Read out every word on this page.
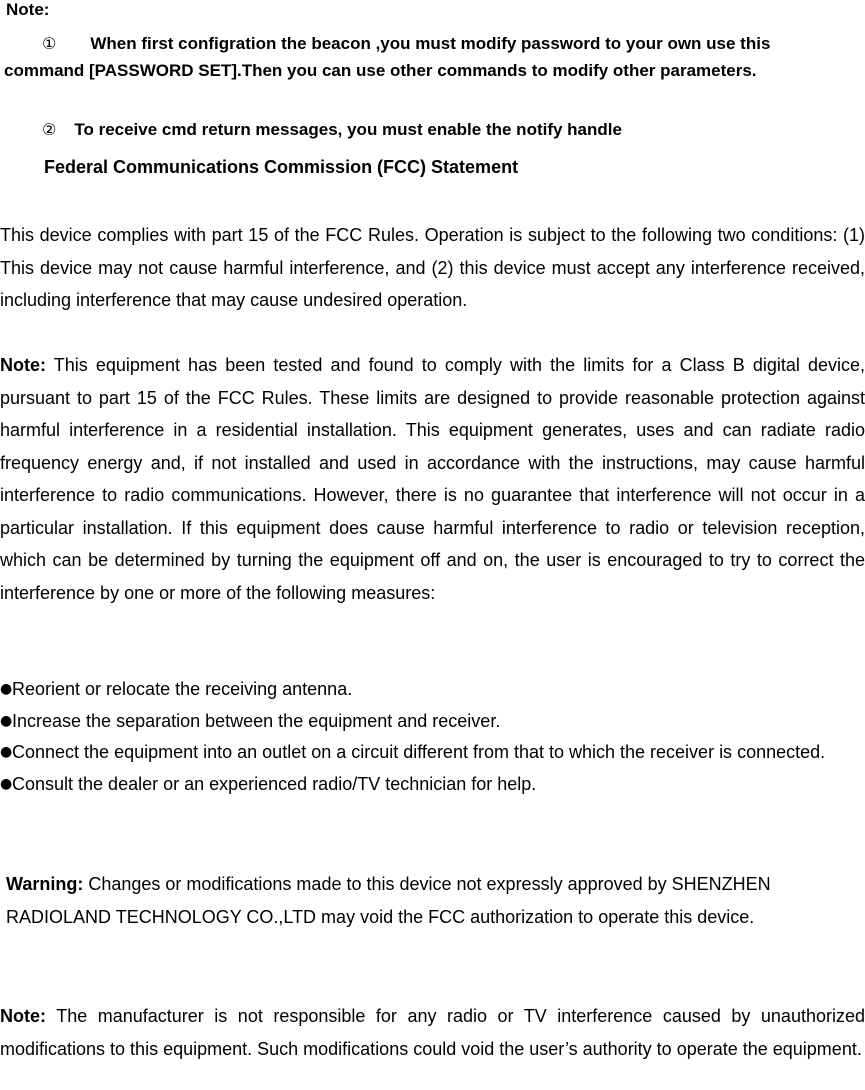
Note:
① When first configration the beacon ,you must modify password to your own use this command [PASSWORD SET].Then you can use other commands to modify other parameters.
② To receive cmd return messages, you must enable the notify handle
Federal Communications Commission (FCC) Statement
This device complies with part 15 of the FCC Rules. Operation is subject to the following two conditions: (1) This device may not cause harmful interference, and (2) this device must accept any interference received, including interference that may cause undesired operation.
Note: This equipment has been tested and found to comply with the limits for a Class B digital device, pursuant to part 15 of the FCC Rules. These limits are designed to provide reasonable protection against harmful interference in a residential installation. This equipment generates, uses and can radiate radio frequency energy and, if not installed and used in accordance with the instructions, may cause harmful interference to radio communications. However, there is no guarantee that interference will not occur in a particular installation. If this equipment does cause harmful interference to radio or television reception, which can be determined by turning the equipment off and on, the user is encouraged to try to correct the interference by one or more of the following measures:
● Reorient or relocate the receiving antenna.
● Increase the separation between the equipment and receiver.
● Connect the equipment into an outlet on a circuit different from that to which the receiver is connected.
● Consult the dealer or an experienced radio/TV technician for help.
Warning: Changes or modifications made to this device not expressly approved by SHENZHEN RADIOLAND TECHNOLOGY CO.,LTD may void the FCC authorization to operate this device.
Note: The manufacturer is not responsible for any radio or TV interference caused by unauthorized modifications to this equipment. Such modifications could void the user’s authority to operate the equipment.
